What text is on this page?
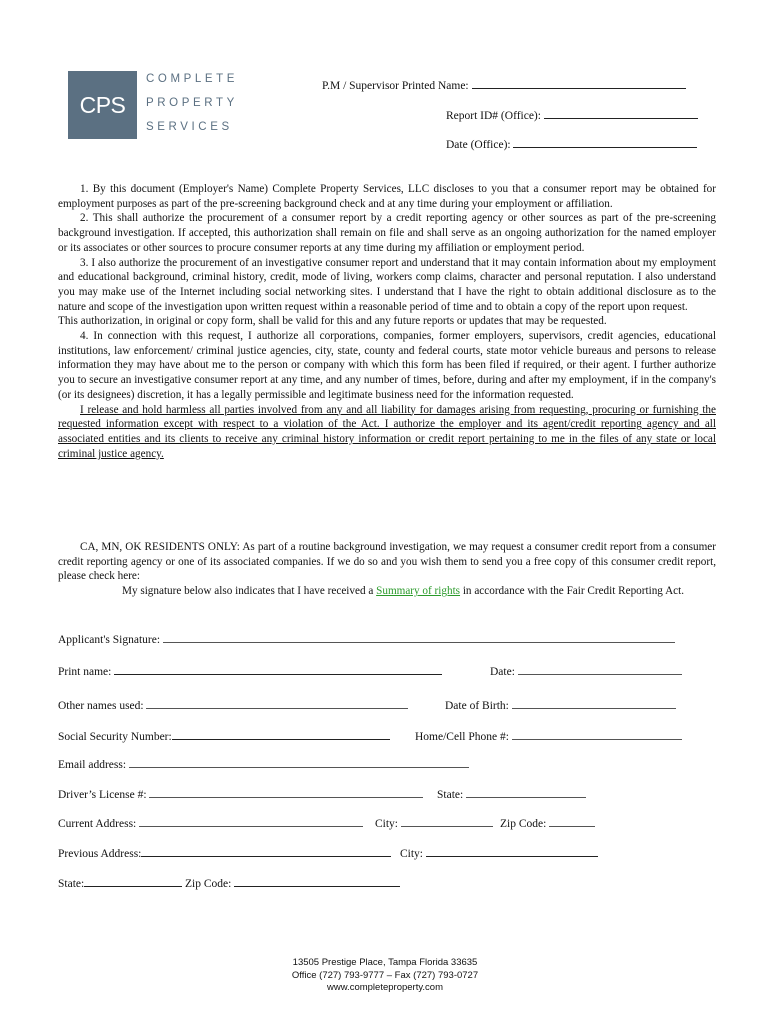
CPS
COMPLETE
PROPERTY
SERVICES
P.M / Supervisor Printed Name:
Report ID# (Office):
Date (Office):

1. By this document (Employer's Name) Complete Property Services, LLC discloses to you that a consumer report may be obtained for employment purposes as part of the pre-screening background check and at any time during your employment or affiliation.

2. This shall authorize the procurement of a consumer report by a credit reporting agency or other sources as part of the pre-screening background investigation. If accepted, this authorization shall remain on file and shall serve as an ongoing authorization for the named employer or its associates or other sources to procure consumer reports at any time during my affiliation or employment period.

3. I also authorize the procurement of an investigative consumer report and understand that it may contain information about my employment and educational background, criminal history, credit, mode of living, workers comp claims, character and personal reputation. I also understand you may make use of the Internet including social networking sites. I understand that I have the right to obtain additional disclosure as to the nature and scope of the investigation upon written request within a reasonable period of time and to obtain a copy of the report upon request.

This authorization, in original or copy form, shall be valid for this and any future reports or updates that may be requested.

4. In connection with this request, I authorize all corporations, companies, former employers, supervisors, credit agencies, educational institutions, law enforcement/ criminal justice agencies, city, state, county and federal courts, state motor vehicle bureaus and persons to release information they may have about me to the person or company with which this form has been filed if required, or their agent. I further authorize you to secure an investigative consumer report at any time, and any number of times, before, during and after my employment, if in the company's (or its designees) discretion, it has a legally permissible and legitimate business need for the information requested.

I release and hold harmless all parties involved from any and all liability for damages arising from requesting, procuring or furnishing the requested information except with respect to a violation of the Act. I authorize the employer and its agent/credit reporting agency and all associated entities and its clients to receive any criminal history information or credit report pertaining to me in the files of any state or local criminal justice agency.

CA, MN, OK RESIDENTS ONLY: As part of a routine background investigation, we may request a consumer credit report from a consumer credit reporting agency or one of its associated companies. If we do so and you wish them to send you a free copy of this consumer credit report, please check here:

My signature below also indicates that I have received a Summary of rights in accordance with the Fair Credit Reporting Act.

Applicant's Signature:
Print name:	Date:
Other names used:	Date of Birth:
Social Security Number:	Home/Cell Phone #:
Email address:
Driver’s License #:	State:
Current Address:	City:	Zip Code:
Previous Address:	City:
State:	Zip Code:
13505 Prestige Place, Tampa Florida 33635
Office (727) 793-9777 – Fax (727) 793-0727
www.completeproperty.com
